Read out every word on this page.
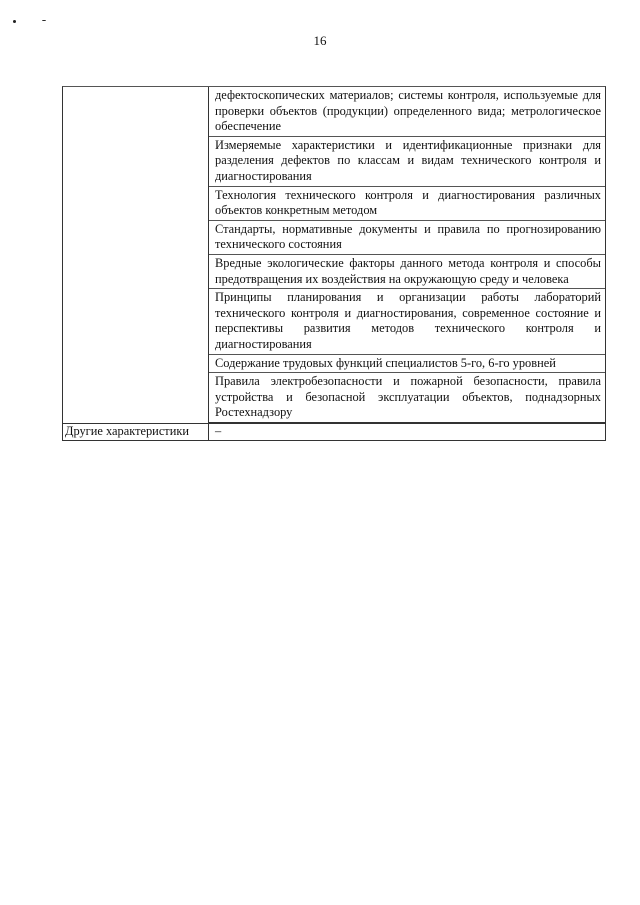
16
дефектоскопических материалов; системы контроля, используемые для проверки объектов (продукции) определенного вида; метрологическое обеспечение
Измеряемые характеристики и идентификационные признаки для разделения дефектов по классам и видам технического контроля и диагностирования
Технология технического контроля и диагностирования различных объектов конкретным методом
Стандарты, нормативные документы и правила по прогнозированию технического состояния
Вредные экологические факторы данного метода контроля и способы предотвращения их воздействия на окружающую среду и человека
Принципы планирования и организации работы лабораторий технического контроля и диагностирования, современное состояние и перспективы развития методов технического контроля и диагностирования
Содержание трудовых функций специалистов 5-го, 6-го уровней
Правила электробезопасности и пожарной безопасности, правила устройства и безопасной эксплуатации объектов, поднадзорных Ростехнадзору
Другие характеристики	–
